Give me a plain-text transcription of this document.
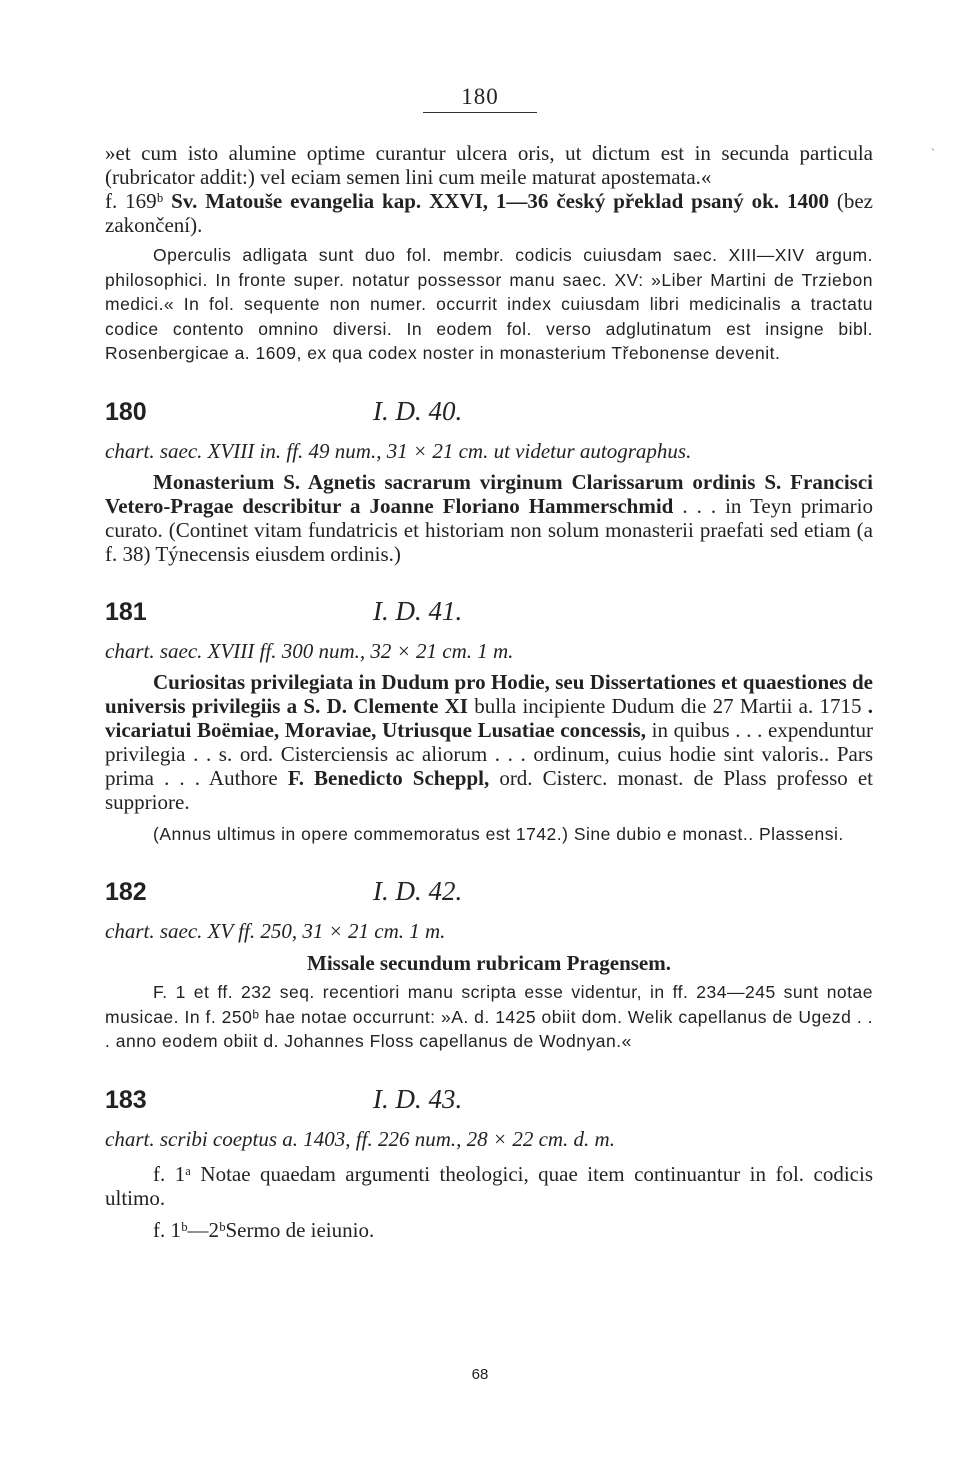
180
ˋ

»et cum isto alumine optime curantur ulcera oris, ut dictum est in secunda particula (rubricator addit:) vel eciam semen lini cum meile maturat apostemata.«

f. 169ᵇ Sv. Matouše evangelia kap. XXVI, 1—36 český překlad psaný ok. 1400 (bez zakončení).

Operculis adligata sunt duo fol. membr. codicis cuiusdam saec. XIII—XIV argum. philosophici. In fronte super. notatur possessor manu saec. XV: »Liber Martini de Trziebon medici.« In fol. sequente non numer. occurrit index cuiusdam libri medicinalis a tractatu codice contento omnino diversi. In eodem fol. verso adglutinatum est insigne bibl. Rosenbergicae a. 1609, ex qua codex noster in monasterium Třebonense devenit.

180	I. D. 40.
chart. saec. XVIII in. ff. 49 num., 31 × 21 cm. ut videtur autographus.

Monasterium S. Agnetis sacrarum virginum Clarissarum ordinis S. Francisci Vetero-Pragae describitur a Joanne Floriano Hammerschmid . . . in Teyn primario curato. (Continet vitam fundatricis et historiam non solum monasterii praefati sed etiam (a f. 38) Týnecensis eiusdem ordinis.)

181	I. D. 41.
chart. saec. XVIII ff. 300 num., 32 × 21 cm. 1 m.

Curiositas privilegiata in Dudum pro Hodie, seu Dissertationes et quaestiones de universis privilegiis a S. D. Clemente XI bulla incipiente Dudum die 27 Martii a. 1715 . vicariatui Boëmiae, Moraviae, Utriusque Lusatiae concessis, in quibus . . . expenduntur privilegia . . s. ord. Cisterciensis ac aliorum . . . ordinum, cuius hodie sint valoris.. Pars prima . . . Authore F. Benedicto Scheppl, ord. Cisterc. monast. de Plass professo et suppriore.

(Annus ultimus in opere commemoratus est 1742.) Sine dubio e monast.. Plassensi.

182	I. D. 42.
chart. saec. XV ff. 250, 31 × 21 cm. 1 m.
Missale secundum rubricam Pragensem.

F. 1 et ff. 232 seq. recentiori manu scripta esse videntur, in ff. 234—245 sunt notae musicae. In f. 250ᵇ hae notae occurrunt: »A. d. 1425 obiit dom. Welik capellanus de Ugezd . . . anno eodem obiit d. Johannes Floss capellanus de Wodnyan.«

183	I. D. 43.
chart. scribi coeptus a. 1403, ff. 226 num., 28 × 22 cm. d. m.

f. 1ᵃ Notae quaedam argumenti theologici, quae item continuantur in fol. codicis ultimo.

f. 1ᵇ—2ᵇSermo de ieiunio.

68
